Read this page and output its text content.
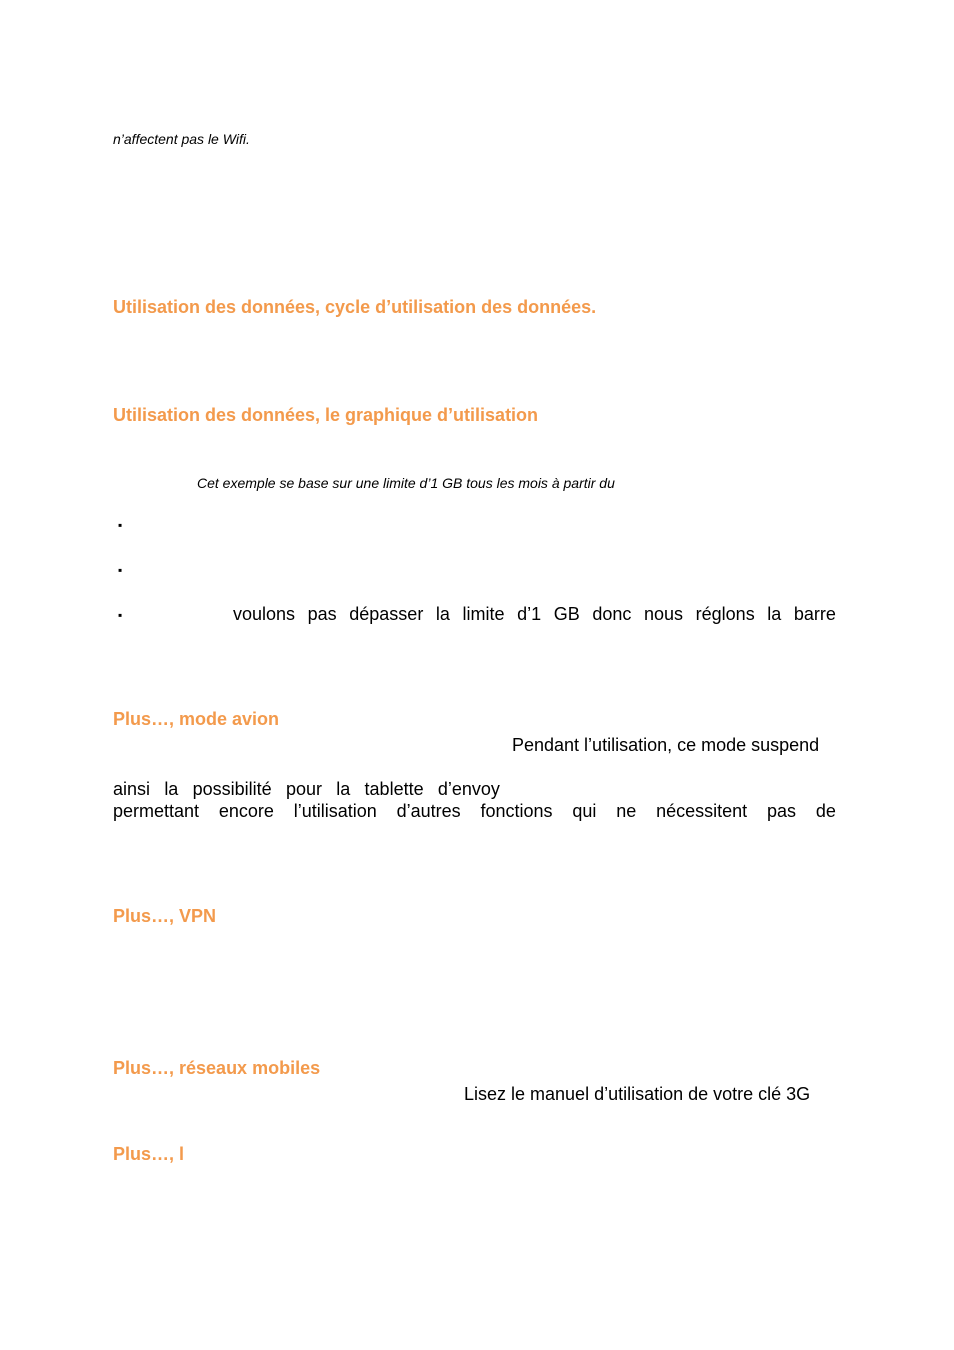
n’affectent pas le Wifi.
Utilisation des données, cycle d’utilisation des données.
Utilisation des données, le graphique d’utilisation
Cet exemple se base sur une limite d’1 GB tous les mois à partir du
▪
▪
▪	voulons pas dépasser la limite d’1 GB donc nous réglons la barre
Plus…, mode avion
Pendant l’utilisation, ce mode suspend
ainsi la possibilité pour la tablette d’envoy
permettant encore l’utilisation d’autres fonctions qui ne nécessitent pas de
Plus…, VPN
Plus…, réseaux mobiles
Lisez le manuel d’utilisation de votre clé 3G
Plus…, l
